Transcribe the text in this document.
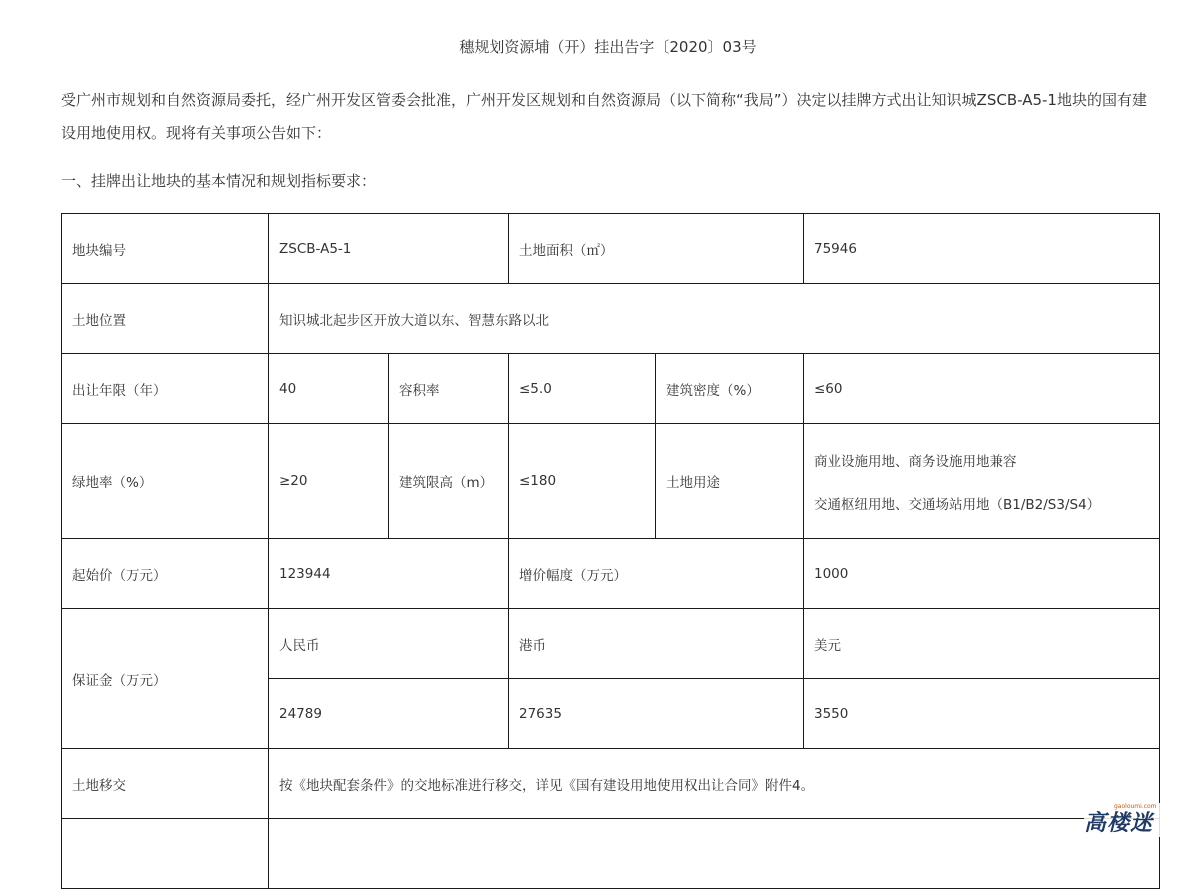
穗规划资源埔（开）挂出告字〔2020〕03号
受广州市规划和自然资源局委托，经广州开发区管委会批准，广州开发区规划和自然资源局（以下简称“我局”）决定以挂牌方式出让知识城ZSCB-A5-1地块的国有建设用地使用权。现将有关事项公告如下：
一、挂牌出让地块的基本情况和规划指标要求：
地块编号	ZSCB-A5-1		土地面积（㎡）		75946
土地位置	知识城北起步区开放大道以东、智慧东路以北				
出让年限（年）	40	容积率	≤5.0	建筑密度（%）	≤60
绿地率（%）	≥20	建筑限高（m）	≤180	土地用途	商业设施用地、商务设施用地兼容
交通枢纽用地、交通场站用地（B1/B2/S3/S4）

起始价（万元）	123944		增价幅度（万元）		1000
保证金（万元）	人民币		港币		美元
	24789		27635		3550
土地移交	按《地块配套条件》的交地标准进行移交，详见《国有建设用地使用权出让合同》附件4。				

gaoloumi.com
高楼迷
